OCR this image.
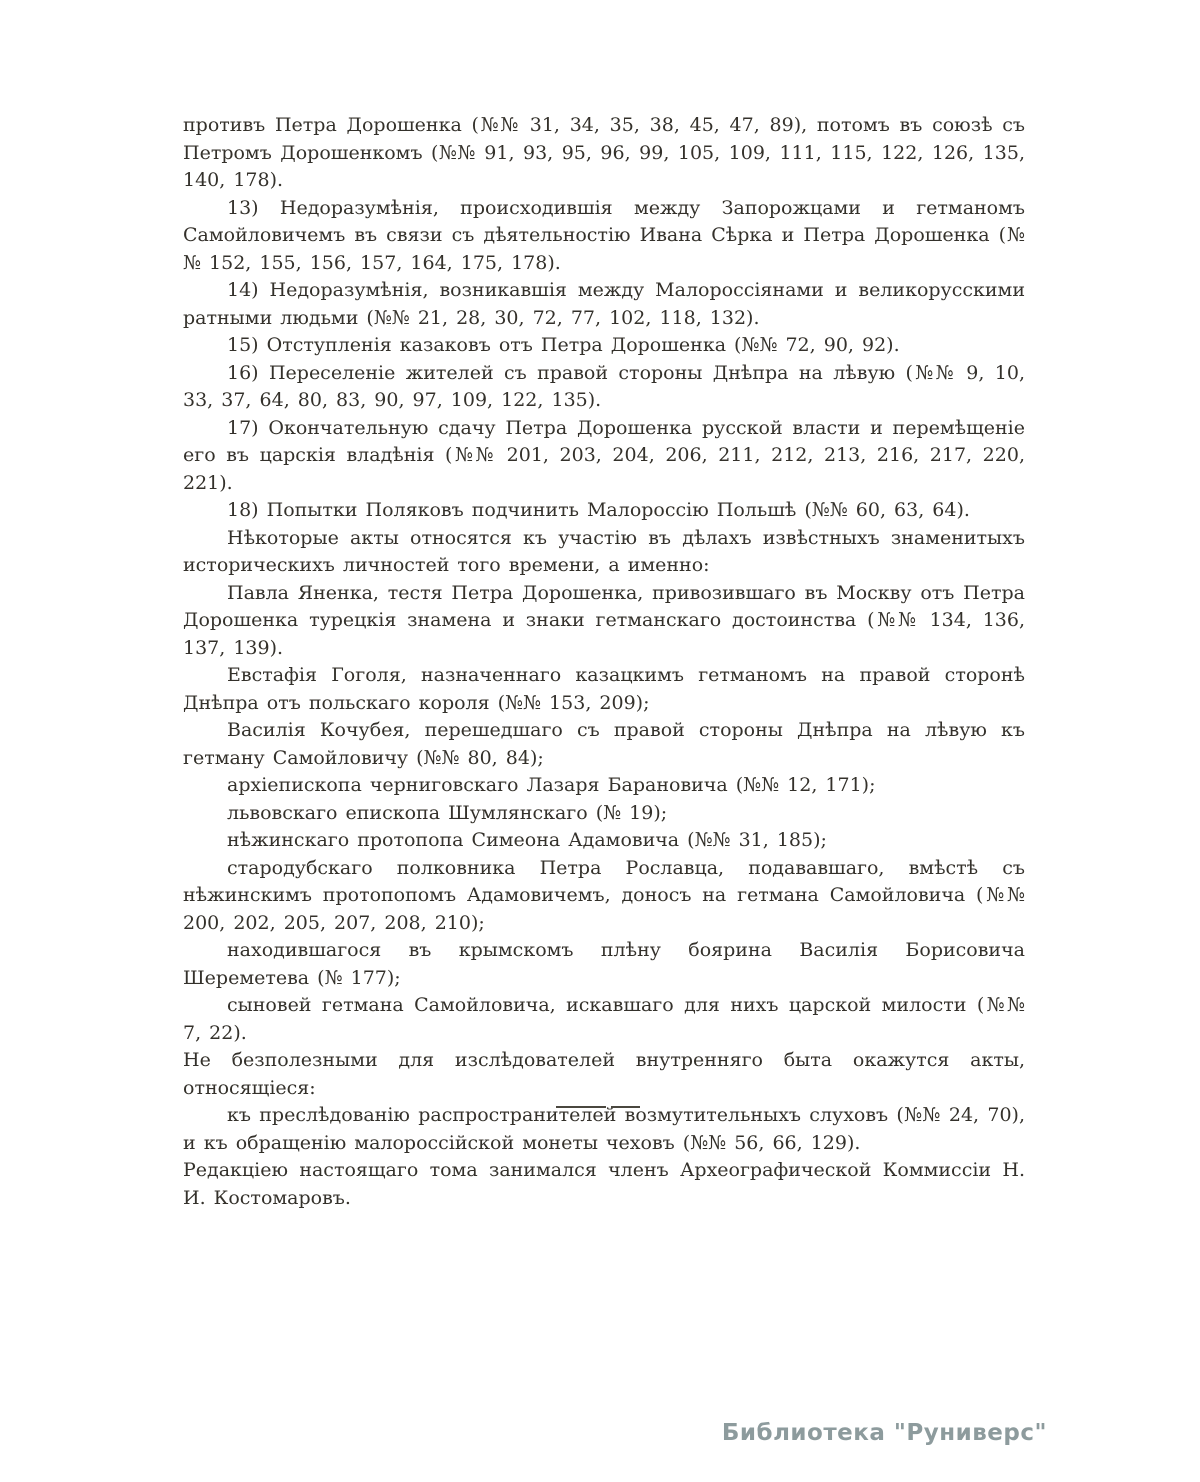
противъ Петра Дорошенка (№№ 31, 34, 35, 38, 45, 47, 89), потомъ въ союзѣ съ Петромъ Дорошенкомъ (№№ 91, 93, 95, 96, 99, 105, 109, 111, 115, 122, 126, 135, 140, 178).

13) Недоразумѣнія, происходившія между Запорожцами и гетманомъ Самойловичемъ въ связи съ дѣятельностію Ивана Сѣрка и Петра Дорошенка (№№ 152, 155, 156, 157, 164, 175, 178).

14) Недоразумѣнія, возникавшія между Малороссіянами и великорусскими ратными людьми (№№ 21, 28, 30, 72, 77, 102, 118, 132).

15) Отступленія казаковъ отъ Петра Дорошенка (№№ 72, 90, 92).

16) Переселеніе жителей съ правой стороны Днѣпра на лѣвую (№№ 9, 10, 33, 37, 64, 80, 83, 90, 97, 109, 122, 135).

17) Окончательную сдачу Петра Дорошенка русской власти и перемѣщеніе его въ царскія владѣнія (№№ 201, 203, 204, 206, 211, 212, 213, 216, 217, 220, 221).

18) Попытки Поляковъ подчинить Малороссію Польшѣ (№№ 60, 63, 64).

Нѣкоторые акты относятся къ участію въ дѣлахъ извѣстныхъ знаменитыхъ историческихъ личностей того времени, а именно:

Павла Яненка, тестя Петра Дорошенка, привозившаго въ Москву отъ Петра Дорошенка турецкія знамена и знаки гетманскаго достоинства (№№ 134, 136, 137, 139).

Евстафія Гоголя, назначеннаго казацкимъ гетманомъ на правой сторонѣ Днѣпра отъ польскаго короля (№№ 153, 209);

Василія Кочубея, перешедшаго съ правой стороны Днѣпра на лѣвую къ гетману Самойловичу (№№ 80, 84);

архіепископа черниговскаго Лазаря Барановича (№№ 12, 171);

львовскаго епископа Шумлянскаго (№ 19);

нѣжинскаго протопопа Симеона Адамовича (№№ 31, 185);

стародубскаго полковника Петра Рославца, подававшаго, вмѣстѣ съ нѣжинскимъ протопопомъ Адамовичемъ, доносъ на гетмана Самойловича (№№ 200, 202, 205, 207, 208, 210);

находившагося въ крымскомъ плѣну боярина Василія Борисовича Шереметева (№ 177);

сыновей гетмана Самойловича, искавшаго для нихъ царской милости (№№ 7, 22).

Не безполезными для изслѣдователей внутренняго быта окажутся акты, относящіеся:

къ преслѣдованію распространителей возмутительныхъ слуховъ (№№ 24, 70), и къ обращенію малороссійской монеты чеховъ (№№ 56, 66, 129).

Редакціею настоящаго тома занимался членъ Археографической Коммиссіи Н. И. Костомаровъ.

Библиотека "Руниверс"
